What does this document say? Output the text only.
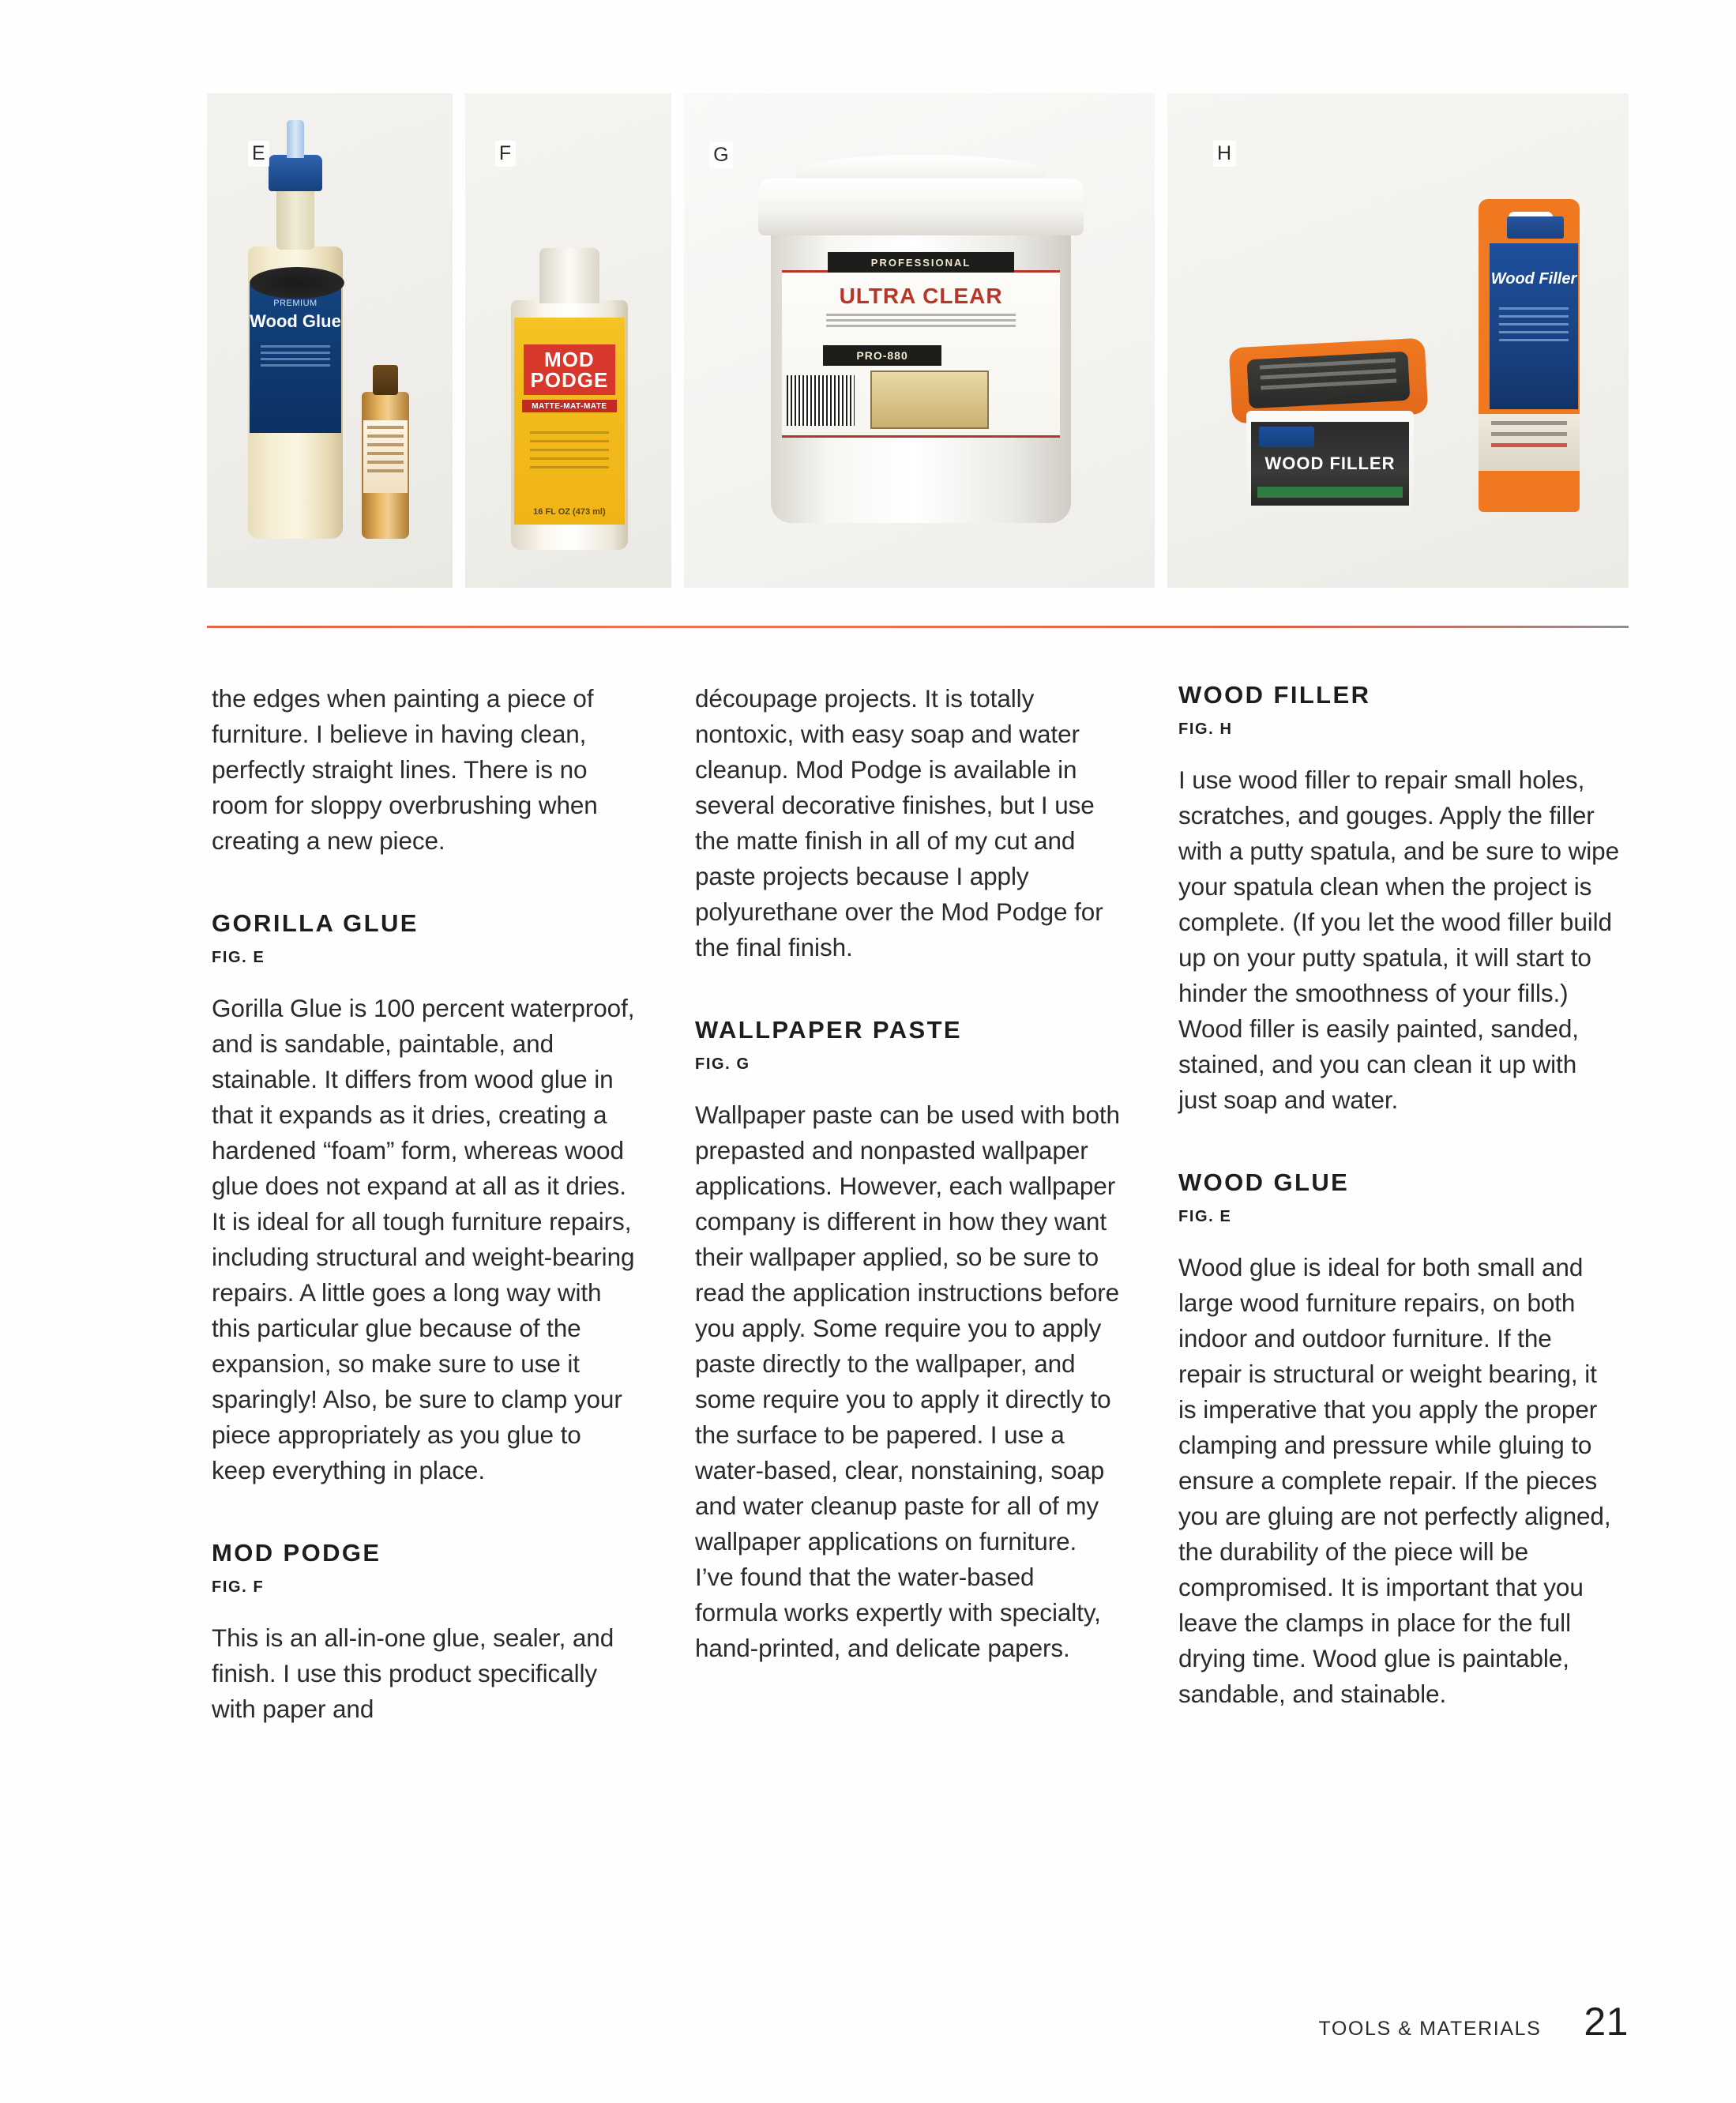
E
PREMIUM
Wood Glue
F
MOD
PODGE
MATTE-MAT-MATE
16 FL OZ (473 ml)
G
PROFESSIONAL
ULTRA CLEAR
PRO-880
H
WOOD FILLER
Wood Filler

the edges when painting a piece of furniture. I believe in having clean, perfectly straight lines. There is no room for sloppy overbrushing when creating a new piece.

GORILLA GLUE
FIG. E

Gorilla Glue is 100 percent waterproof, and is sandable, paintable, and stainable. It differs from wood glue in that it expands as it dries, creating a hardened “foam” form, whereas wood glue does not expand at all as it dries. It is ideal for all tough furniture repairs, including structural and weight-bearing repairs. A little goes a long way with this particular glue because of the expansion, so make sure to use it sparingly! Also, be sure to clamp your piece appropriately as you glue to keep everything in place.

MOD PODGE
FIG. F

This is an all-in-one glue, sealer, and finish. I use this product specifically with paper and

découpage projects. It is totally nontoxic, with easy soap and water cleanup. Mod Podge is available in several decorative finishes, but I use the matte finish in all of my cut and paste projects because I apply polyurethane over the Mod Podge for the final finish.

WALLPAPER PASTE
FIG. G

Wallpaper paste can be used with both prepasted and nonpasted wallpaper applications. However, each wallpaper company is different in how they want their wallpaper applied, so be sure to read the application instructions before you apply. Some require you to apply paste directly to the wallpaper, and some require you to apply it directly to the surface to be papered. I use a water-based, clear, nonstaining, soap and water cleanup paste for all of my wallpaper applications on furniture. I’ve found that the water-based formula works expertly with specialty, hand-printed, and delicate papers.

WOOD FILLER
FIG. H

I use wood filler to repair small holes, scratches, and gouges. Apply the filler with a putty spatula, and be sure to wipe your spatula clean when the project is complete. (If you let the wood filler build up on your putty spatula, it will start to hinder the smoothness of your fills.) Wood filler is easily painted, sanded, stained, and you can clean it up with just soap and water.

WOOD GLUE
FIG. E

Wood glue is ideal for both small and large wood furniture repairs, on both indoor and outdoor furniture. If the repair is structural or weight bearing, it is imperative that you apply the proper clamping and pressure while gluing to ensure a complete repair. If the pieces you are gluing are not perfectly aligned, the durability of the piece will be compromised. It is important that you leave the clamps in place for the full drying time. Wood glue is paintable, sandable, and stainable.

TOOLS & MATERIALS 21
